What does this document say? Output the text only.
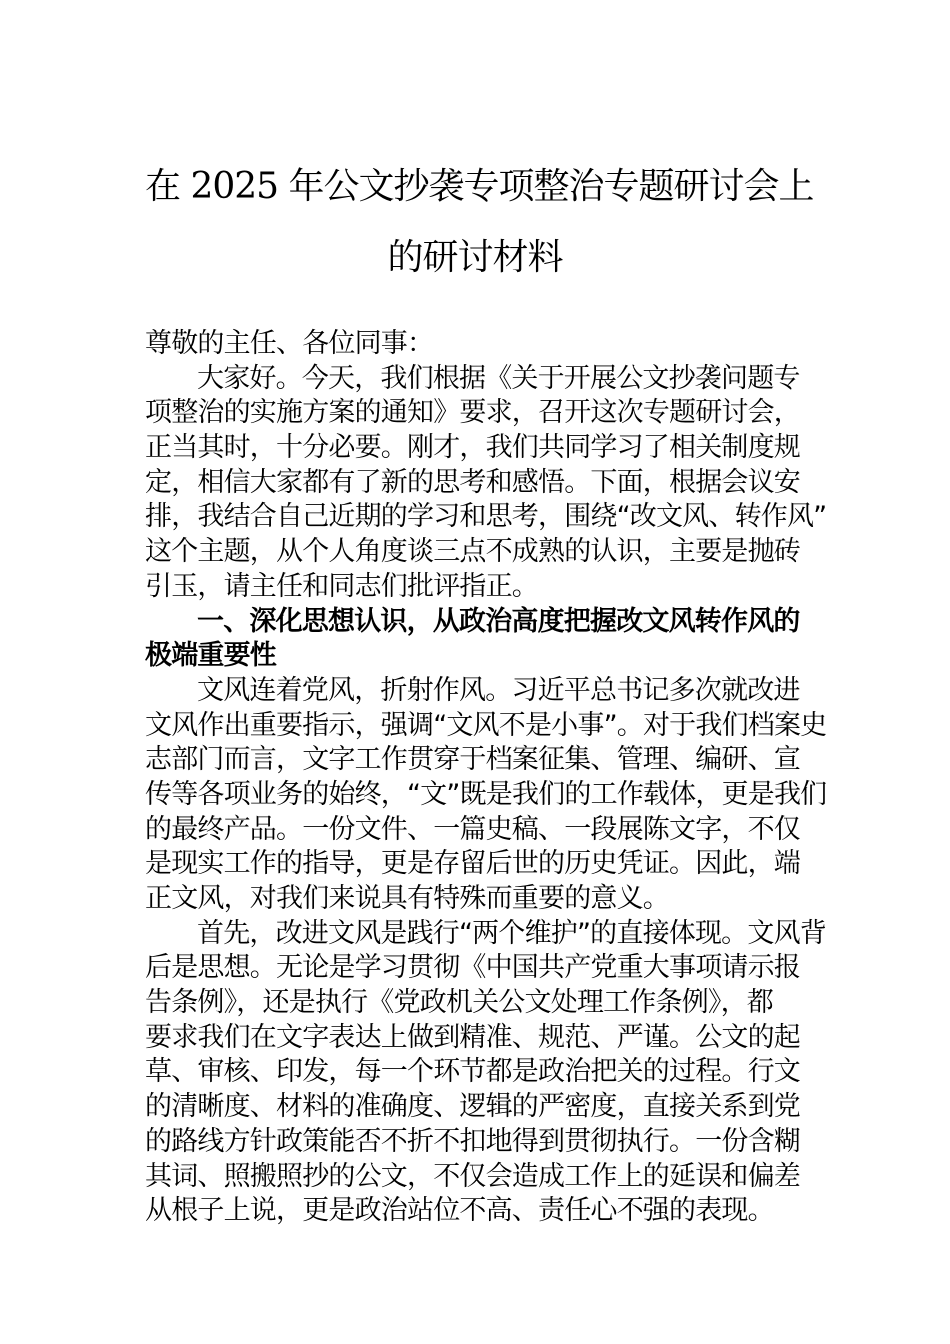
在 2025 年公文抄袭专项整治专题研讨会上
的研讨材料
尊敬的主任、各位同事：
大家好。今天，我们根据《关于开展公文抄袭问题专
项整治的实施方案的通知》要求，召开这次专题研讨会，
正当其时，十分必要。刚才，我们共同学习了相关制度规
定，相信大家都有了新的思考和感悟。下面，根据会议安
排，我结合自己近期的学习和思考，围绕“改文风、转作风”
这个主题，从个人角度谈三点不成熟的认识，主要是抛砖
引玉，请主任和同志们批评指正。
一、深化思想认识，从政治高度把握改文风转作风的
极端重要性
文风连着党风，折射作风。习近平总书记多次就改进
文风作出重要指示，强调“文风不是小事”。对于我们档案史
志部门而言，文字工作贯穿于档案征集、管理、编研、宣
传等各项业务的始终，“文”既是我们的工作载体，更是我们
的最终产品。一份文件、一篇史稿、一段展陈文字，不仅
是现实工作的指导，更是存留后世的历史凭证。因此，端
正文风，对我们来说具有特殊而重要的意义。
首先，改进文风是践行“两个维护”的直接体现。文风背
后是思想。无论是学习贯彻《中国共产党重大事项请示报
告条例》，还是执行《党政机关公文处理工作条例》，都
要求我们在文字表达上做到精准、规范、严谨。公文的起
草、审核、印发，每一个环节都是政治把关的过程。行文
的清晰度、材料的准确度、逻辑的严密度，直接关系到党
的路线方针政策能否不折不扣地得到贯彻执行。一份含糊
其词、照搬照抄的公文，不仅会造成工作上的延误和偏差
从根子上说，更是政治站位不高、责任心不强的表现。
